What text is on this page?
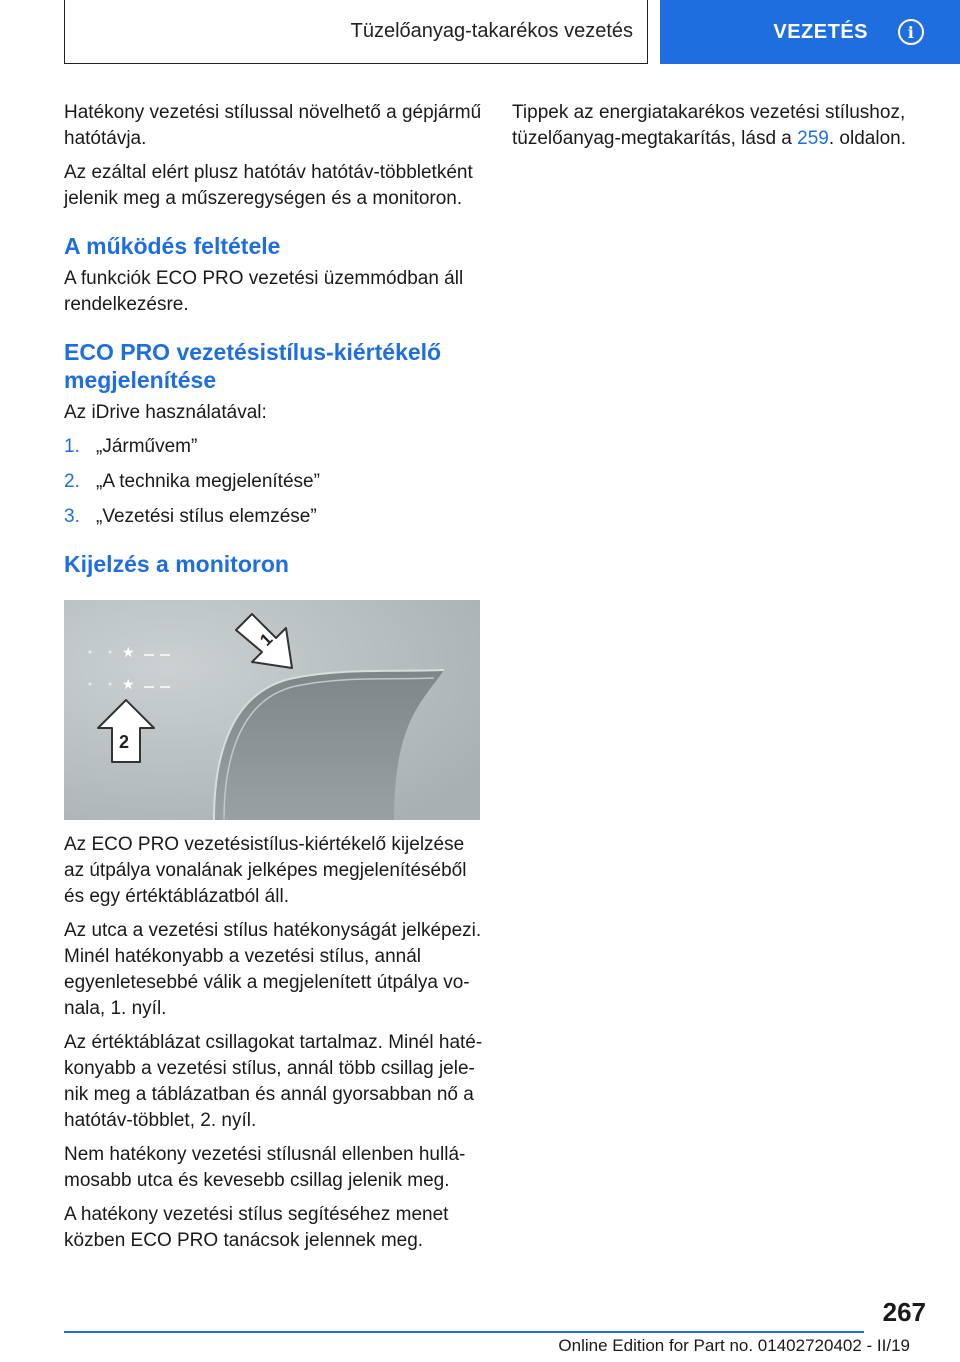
Tüzelőanyag-takarékos vezetés	VEZETÉS i

Hatékony vezetési stílussal növelhető a gépjármű hatótávja.

Az ezáltal elért plusz hatótáv hatótáv-többletként jelenik meg a műszeregységen és a monitoron.

A működés feltétele

A funkciók ECO PRO vezetési üzemmódban áll rendelkezésre.

ECO PRO vezetésistílus-kiértékelő megjelenítése

Az iDrive használatával:

1. „Járművem”
2. „A technika megjelenítése”
3. „Vezetési stílus elemzése”
Kijelzés a monitoron
★
★
1
2

Az ECO PRO vezetésistílus-kiértékelő kijelzése az útpálya vonalának jelképes megjelenítéséből és egy értéktáblázatból áll.

Az utca a vezetési stílus hatékonyságát jelképezi. Minél hatékonyabb a vezetési stílus, annál egyenletesebbé válik a megjelenített útpálya vo‐nala, 1. nyíl.

Az értéktáblázat csillagokat tartalmaz. Minél haté‐konyabb a vezetési stílus, annál több csillag jele‐nik meg a táblázatban és annál gyorsabban nő a hatótáv-többlet, 2. nyíl.

Nem hatékony vezetési stílusnál ellenben hullá‐mosabb utca és kevesebb csillag jelenik meg.

A hatékony vezetési stílus segítéséhez menet közben ECO PRO tanácsok jelennek meg.

Tippek az energiatakarékos vezetési stílushoz, tüzelőanyag-megtakarítás, lásd a 259. oldalon.

267
Online Edition for Part no. 01402720402 - II/19
